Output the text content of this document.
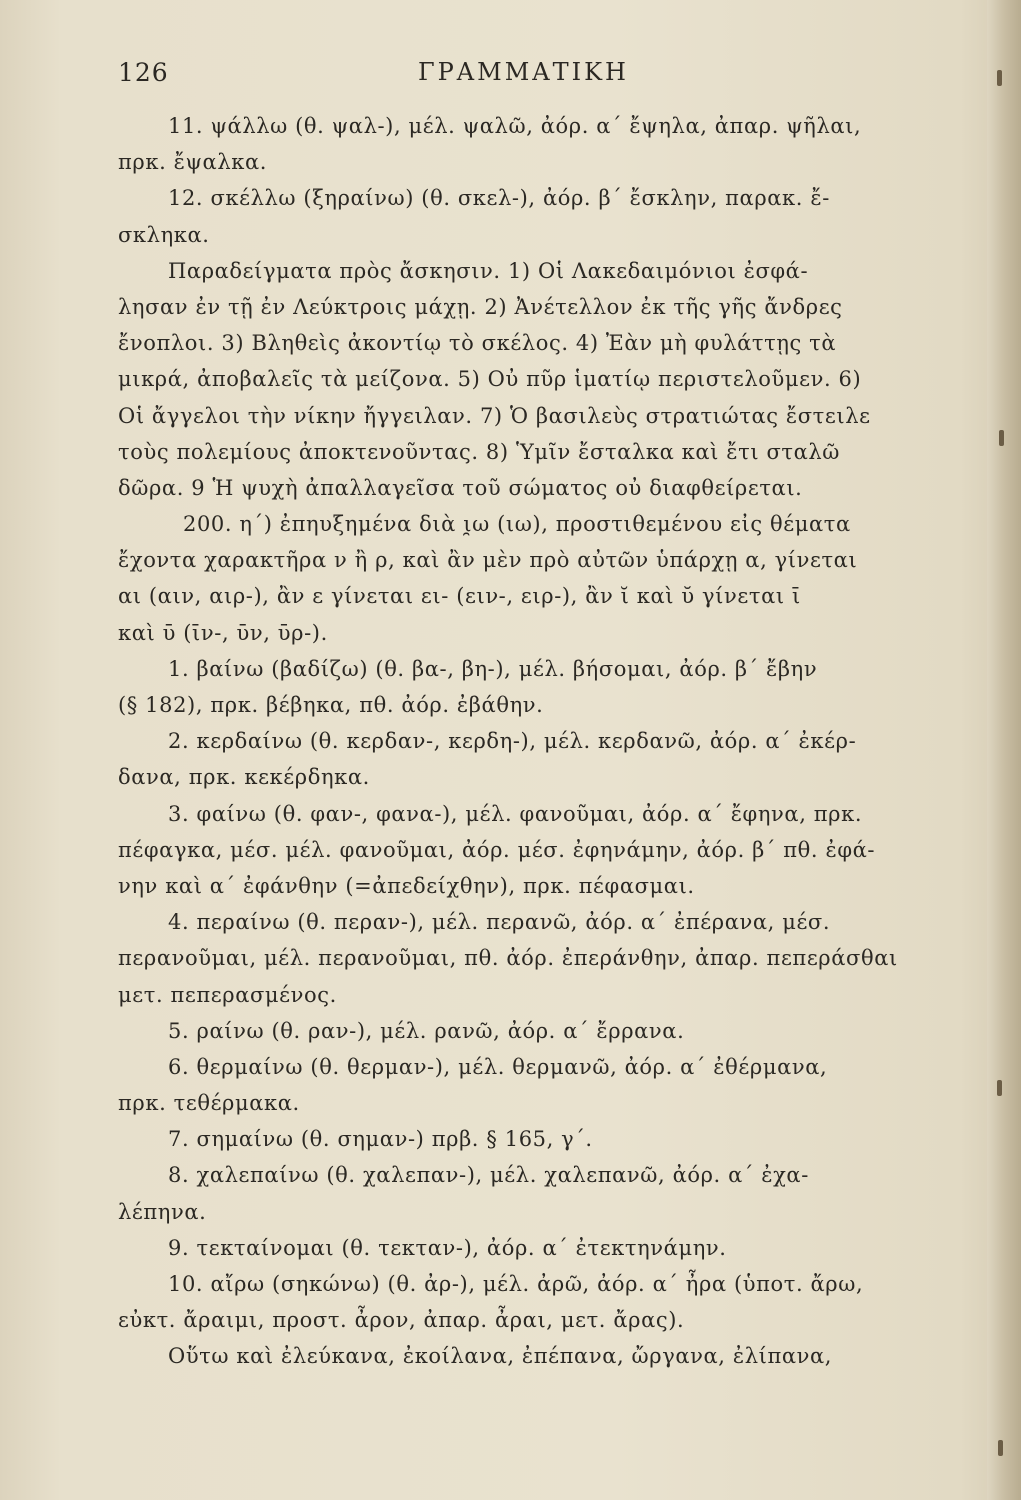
126	ΓΡΑΜΜΑΤΙΚΗ
11. ψάλλω (θ. ψαλ-), μέλ. ψαλῶ, ἀόρ. α΄ ἔψηλα, ἀπαρ. ψῆλαι,
πρκ. ἔψαλκα.
12. σκέλλω (ξηραίνω) (θ. σκελ-), ἀόρ. β΄ ἔσκλην, παρακ. ἔ-
σκληκα.
Παραδείγματα πρὸς ἄσκησιν. 1) Οἱ Λακεδαιμόνιοι ἐσφά-
λησαν ἐν τῇ ἐν Λεύκτροις μάχῃ. 2) Ἀνέτελλον ἐκ τῆς γῆς ἄνδρες
ἔνοπλοι. 3) Βληθεὶς ἀκοντίῳ τὸ σκέλος. 4) Ἐὰν μὴ φυλάττῃς τὰ
μικρά, ἀποβαλεῖς τὰ μείζονα. 5) Οὐ πῦρ ἱματίῳ περιστελοῦμεν. 6)
Οἱ ἄγγελοι τὴν νίκην ἤγγειλαν. 7) Ὁ βασιλεὺς στρατιώτας ἔστειλε
τοὺς πολεμίους ἀποκτενοῦντας. 8) Ὑμῖν ἔσταλκα καὶ ἔτι σταλῶ
δῶρα. 9 Ἡ ψυχὴ ἀπαλλαγεῖσα τοῦ σώματος οὐ διαφθείρεται.
200. η΄) ἐπηυξημένα διὰ ι̯ω (ιω), προστιθεμένου εἰς θέματα
ἔχοντα χαρακτῆρα ν ἢ ρ, καὶ ἂν μὲν πρὸ αὐτῶν ὑπάρχῃ α, γίνεται
αι (αιν, αιρ-), ἂν ε γίνεται ει- (ειν-, ειρ-), ἂν ῐ καὶ ῠ γίνεται ῑ
καὶ ῡ (ῑν-, ῡν, ῡρ-).
1. βαίνω (βαδίζω) (θ. βα-, βη-), μέλ. βήσομαι, ἀόρ. β΄ ἔβην
(§ 182), πρκ. βέβηκα, πθ. ἀόρ. ἐβάθην.
2. κερδαίνω (θ. κερδαν-, κερδη-), μέλ. κερδανῶ, ἀόρ. α΄ ἐκέρ-
δανα, πρκ. κεκέρδηκα.
3. φαίνω (θ. φαν-, φανα-), μέλ. φανοῦμαι, ἀόρ. α΄ ἔφηνα, πρκ.
πέφαγκα, μέσ. μέλ. φανοῦμαι, ἀόρ. μέσ. ἐφηνάμην, ἀόρ. β΄ πθ. ἐφά-
νην καὶ α΄ ἐφάνθην (=ἀπεδείχθην), πρκ. πέφασμαι.
4. περαίνω (θ. περαν-), μέλ. περανῶ, ἀόρ. α΄ ἐπέρανα, μέσ.
περανοῦμαι, μέλ. περανοῦμαι, πθ. ἀόρ. ἐπεράνθην, ἀπαρ. πεπεράσθαι
μετ. πεπερασμένος.
5. ραίνω (θ. ραν-), μέλ. ρανῶ, ἀόρ. α΄ ἔρρανα.
6. θερμαίνω (θ. θερμαν-), μέλ. θερμανῶ, ἀόρ. α΄ ἐθέρμανα,
πρκ. τεθέρμακα.
7. σημαίνω (θ. σημαν-) πρβ. § 165, γ΄.
8. χαλεπαίνω (θ. χαλεπαν-), μέλ. χαλεπανῶ, ἀόρ. α΄ ἐχα-
λέπηνα.
9. τεκταίνομαι (θ. τεκταν-), ἀόρ. α΄ ἐτεκτηνάμην.
10. αἴρω (σηκώνω) (θ. ἀρ-), μέλ. ἀρῶ, ἀόρ. α΄ ἦρα (ὑποτ. ἄρω,
εὐκτ. ἄραιμι, προστ. ἆρον, ἀπαρ. ἆραι, μετ. ἄρας).
Οὕτω καὶ ἐλεύκανα, ἐκοίλανα, ἐπέπανα, ὤργανα, ἐλίπανα,
